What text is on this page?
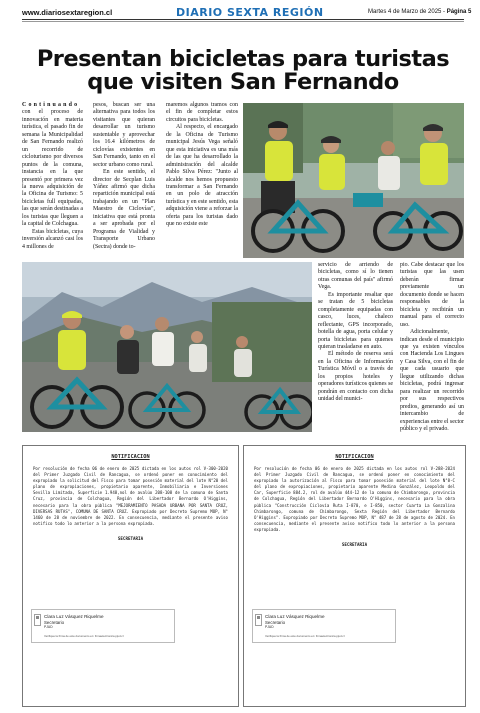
www.diariosextaregion.cl	DIARIO SEXTA REGIÓN	Martes 4 de Marzo de 2025 - Página 5
Presentan bicicletas para turistas
que visiten San Fernando

Continuando con el proceso de innovación en materia turística, el pasado fin de semana la Municipalidad de San Fernando realizó un recorrido de cicloturismo por diversos puntos de la comuna, instancia en la que presentó por primera vez la nueva adquisición de la Oficina de Turismo: 5 bicicletas full equipadas, las que serán destinadas a los turistas que lleguen a la capital de Colchagua.

Estas bicicletas, cuya inversión alcanzó casi los 4 millones de

pesos, buscan ser una alternativa para todos los visitantes que quieran desarrollar un turismo sustentable y aprovechar los 16.4 kilómetros de ciclovías existentes en San Fernando, tanto en el sector urbano como rural.

En este sentido, el director de Secplan Luis Yáñez afirmó que dicha repartición municipal está trabajando en un "Plan Maestro de Ciclovías", iniciativa que está pronta a ser aprobada por el Programa de Vialidad y Transporte Urbano (Sectra) donde to-

maremos algunos tramos con el fin de completar estos circuitos para bicicletas.

Al respecto, el encargado de la Oficina de Turismo municipal Jesús Vega señaló que esta iniciativa es una más de las que ha desarrollado la administración del alcalde Pablo Silva Pérez: "Junto al alcalde nos hemos propuesto transformar a San Fernando en un polo de atracción turística y en este sentido, esta adquisición viene a reforzar la oferta para los turistas dado que no existe este

servicio de arriendo de bicicletas, como sí lo tienen otras comunas del país" afirmó Vega.

Es importante resaltar que se tratan de 5 bicicletas completamente equipadas con casco, luces, chaleco reflectante, GPS incorporado, botella de agua, porta celular y porta bicicletas para quienes quieran trasladarse en auto.

El método de reserva será en la Oficina de Información Turística Móvil o a través de los propios hoteles y operadores turísticos quienes se pondrán en contacto con dicha unidad del munici-

pio. Cabe destacar que los turistas que las usen deberán firmar previamente un documento donde se hacen responsables de la bicicleta y recibirán un manual para el correcto uso.

Adicionalmente, indican desde el municipio que ya existen vínculos con Hacienda Los Lingues y Casa Silva, con el fin de que cada usuario que llegue utilizando dichas bicicletas, podrá ingresar para realizar un recorrido por sus respectivos predios, generando así un intercambio de experiencias entre el sector público y el privado.

NOTIFICACION
Por resolución de fecha 06 de enero de 2025 dictada en los autos rol V-300-2020 del Primer Juzgado Civil de Rancagua, se ordenó poner en conocimiento del expropiado la solicitud del Fisco para tomar posesión material del lote N°20 del plano de expropiaciones, propietario aparente, Inmobiliaria e Inversiones Sevilla Limitada, Superficie 1.948,nol de avalúo 208-108 de la comuna de Santa Cruz, provincia de Colchagua, Región del Libertador Bernardo O'Higgins, necesario para la obra pública "MEJORAMIENTO PASADA URBANA POR SANTA CRUZ, DIVERSAS RUTAS", COMUNA DE SANTA CRUZ. Expropiado por Decreto Supremo MOP, N° 1460 de 28 de noviembre de 2022. En consecuencia, mediante el presente aviso notifico todo lo anterior a la persona expropiada.
SECRETARIA
Clara Luz Vásquez Riquelme
Secretario
PJUD
Verifique la firma de este documento en: firmaelectronica.pjud.cl
NOTIFICACION
Por resolución de fecha 06 de enero de 2025 dictada en los autos rol V-288-2024 del Primer Juzgado Civil de Rancagua, se ordenó poner en conocimiento del expropiado la autorización al Fisco para tomar posesión material del lote N°8-C del plano de expropiaciones, propietario aparente Medina González, Leopoldo del Car, Superficie 884.2, rol de avalúo 444-12 de la comuna de Chimbarongo, provincia de Colchagua, Región del Libertador Bernardo O'Higgins, necesario para la obra pública "Construcción Ciclovía Ruta I-870, e I-850, sector Cuarta La Gonzalina Chimbarongo, comuna de Chimbarongo, Sexta Región del Libertador Bernardo O'Higgins". Expropiado por Decreto Supremo MOP, N° 487 de 28 de agosto de 2024. En consecuencia, mediante el presente aviso notifico todo lo anterior a la persona expropiada.
SECRETARIA
Clara Luz Vásquez Riquelme
Secretario
PJUD
Verifique la firma de este documento en: firmaelectronica.pjud.cl
